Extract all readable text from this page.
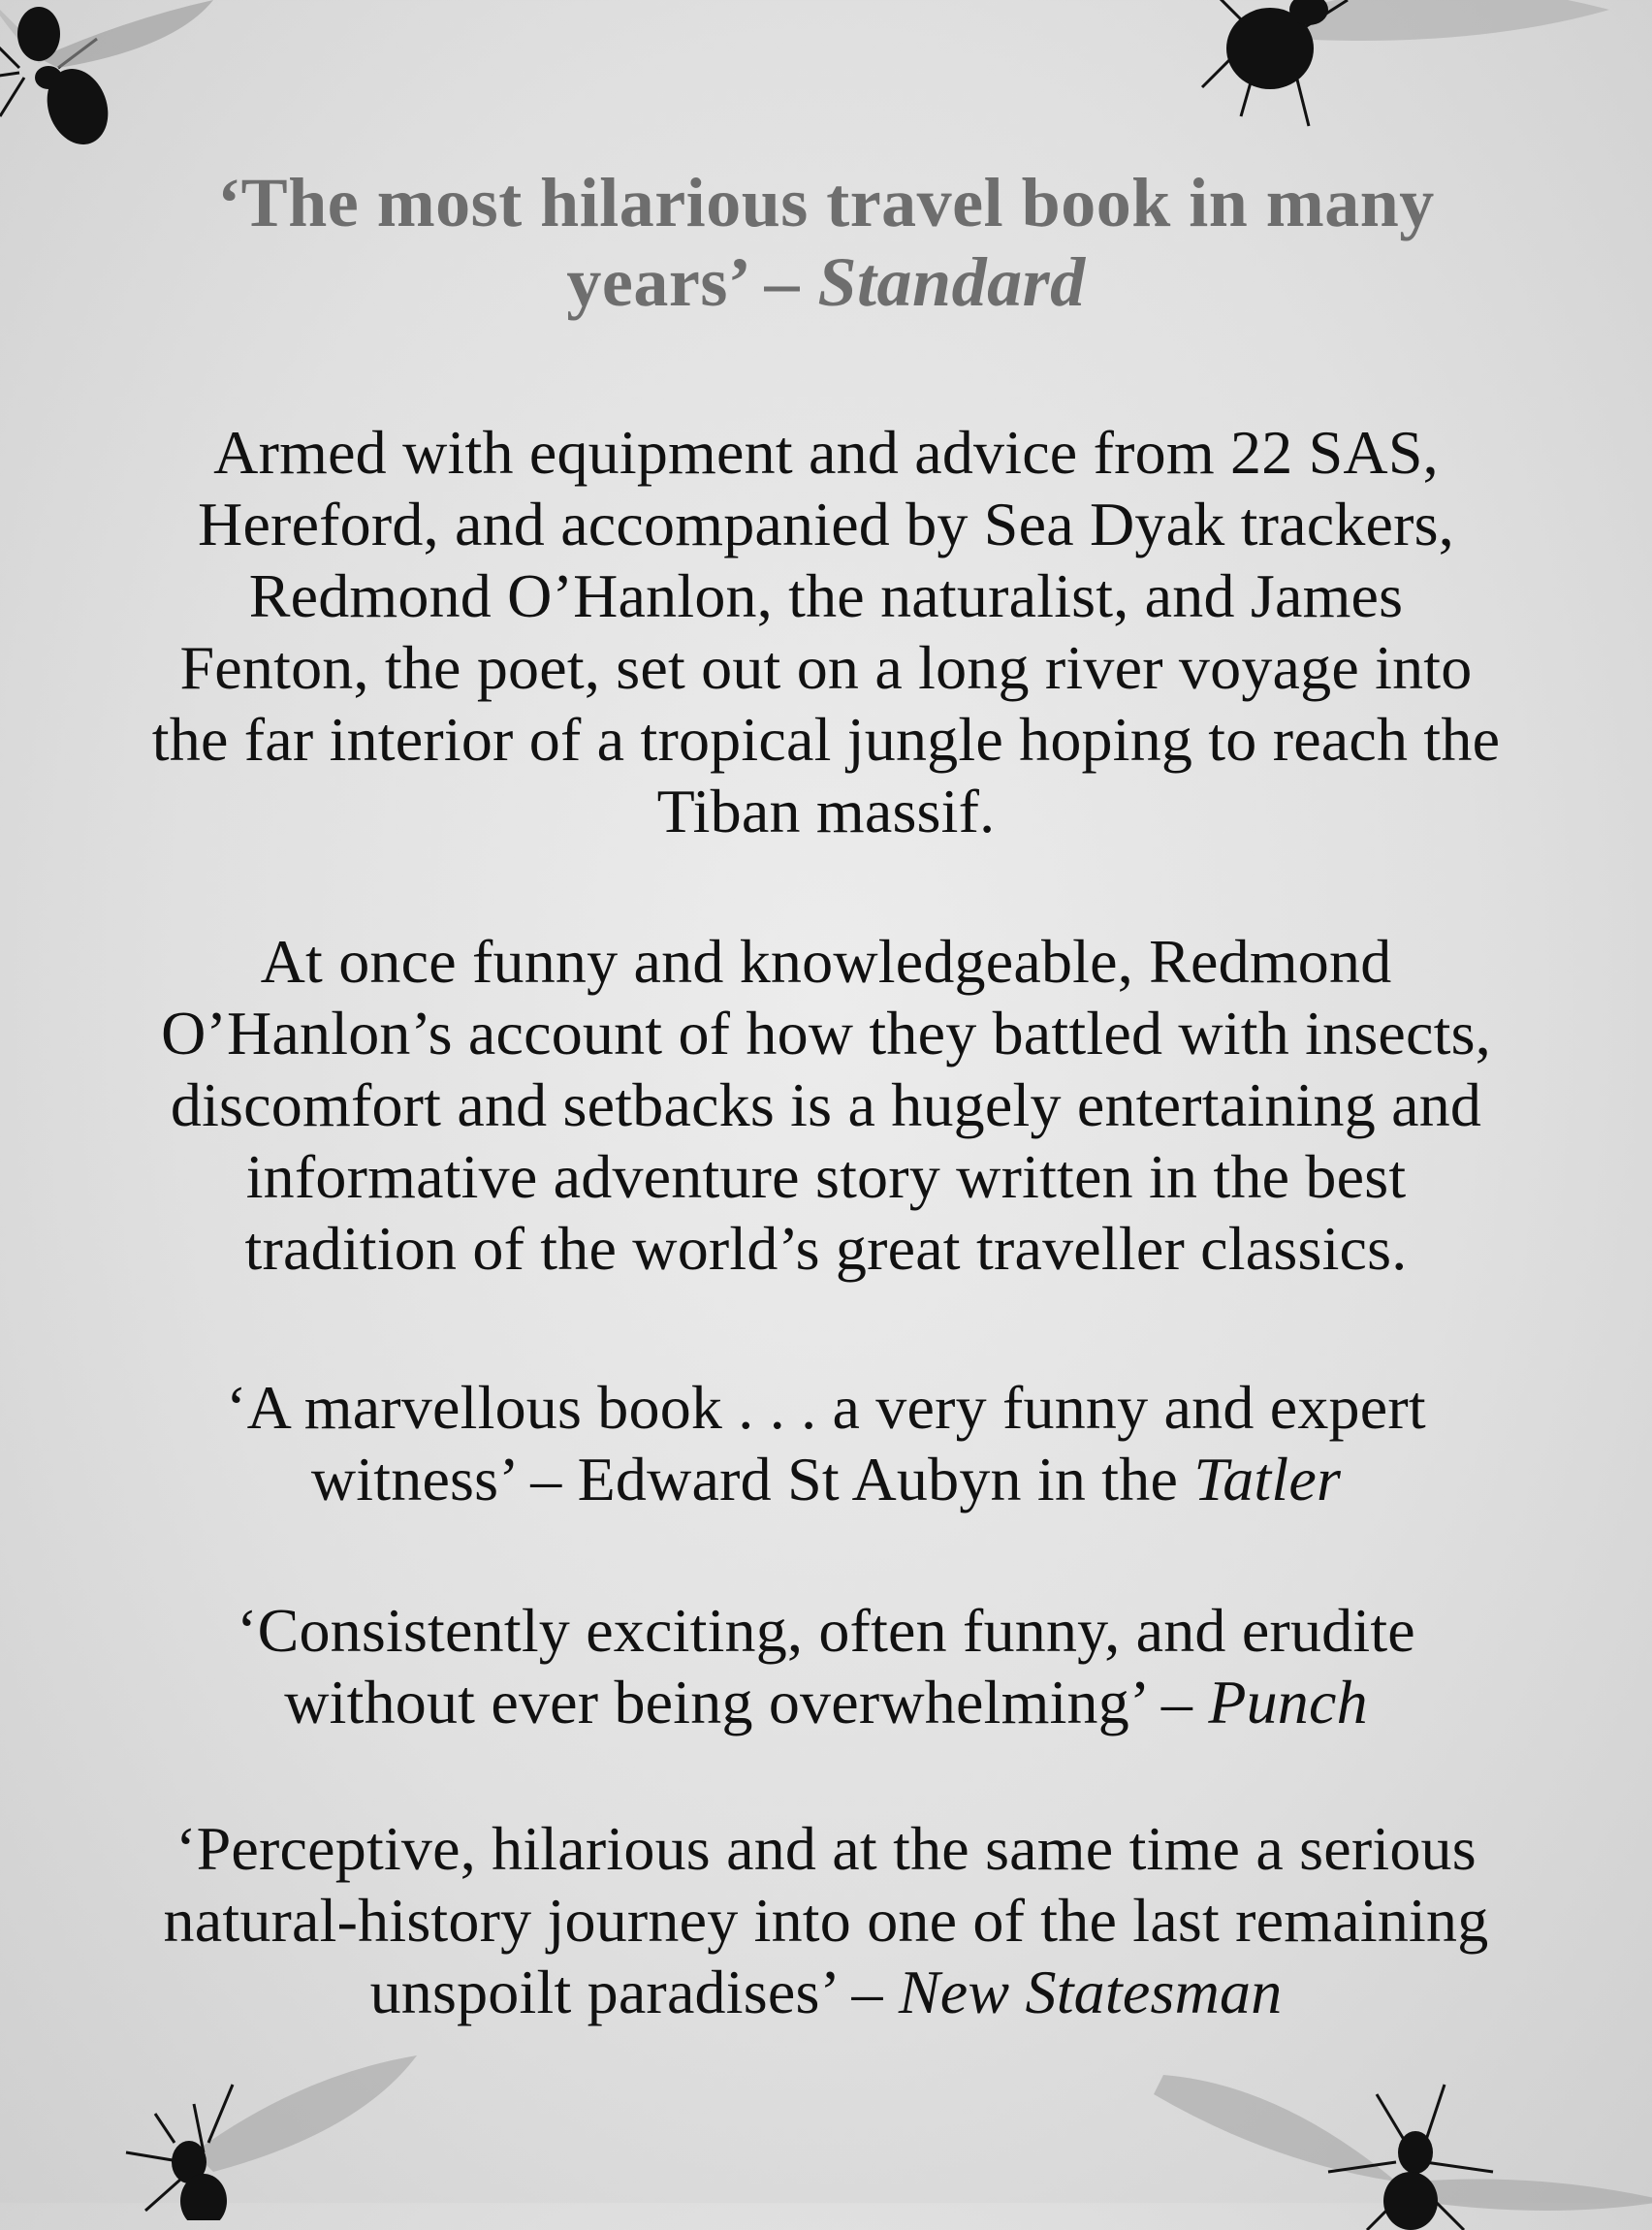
‘The most hilarious travel book in many
years’ – Standard
Armed with equipment and advice from 22 SAS,
Hereford, and accompanied by Sea Dyak trackers,
Redmond O’Hanlon, the naturalist, and James
Fenton, the poet, set out on a long river voyage into
the far interior of a tropical jungle hoping to reach the
Tiban massif.
At once funny and knowledgeable, Redmond
O’Hanlon’s account of how they battled with insects,
discomfort and setbacks is a hugely entertaining and
informative adventure story written in the best
tradition of the world’s great traveller classics.
‘A marvellous book . . . a very funny and expert
witness’ – Edward St Aubyn in the Tatler
‘Consistently exciting, often funny, and erudite
without ever being overwhelming’ – Punch
‘Perceptive, hilarious and at the same time a serious
natural-history journey into one of the last remaining
unspoilt paradises’ – New Statesman
